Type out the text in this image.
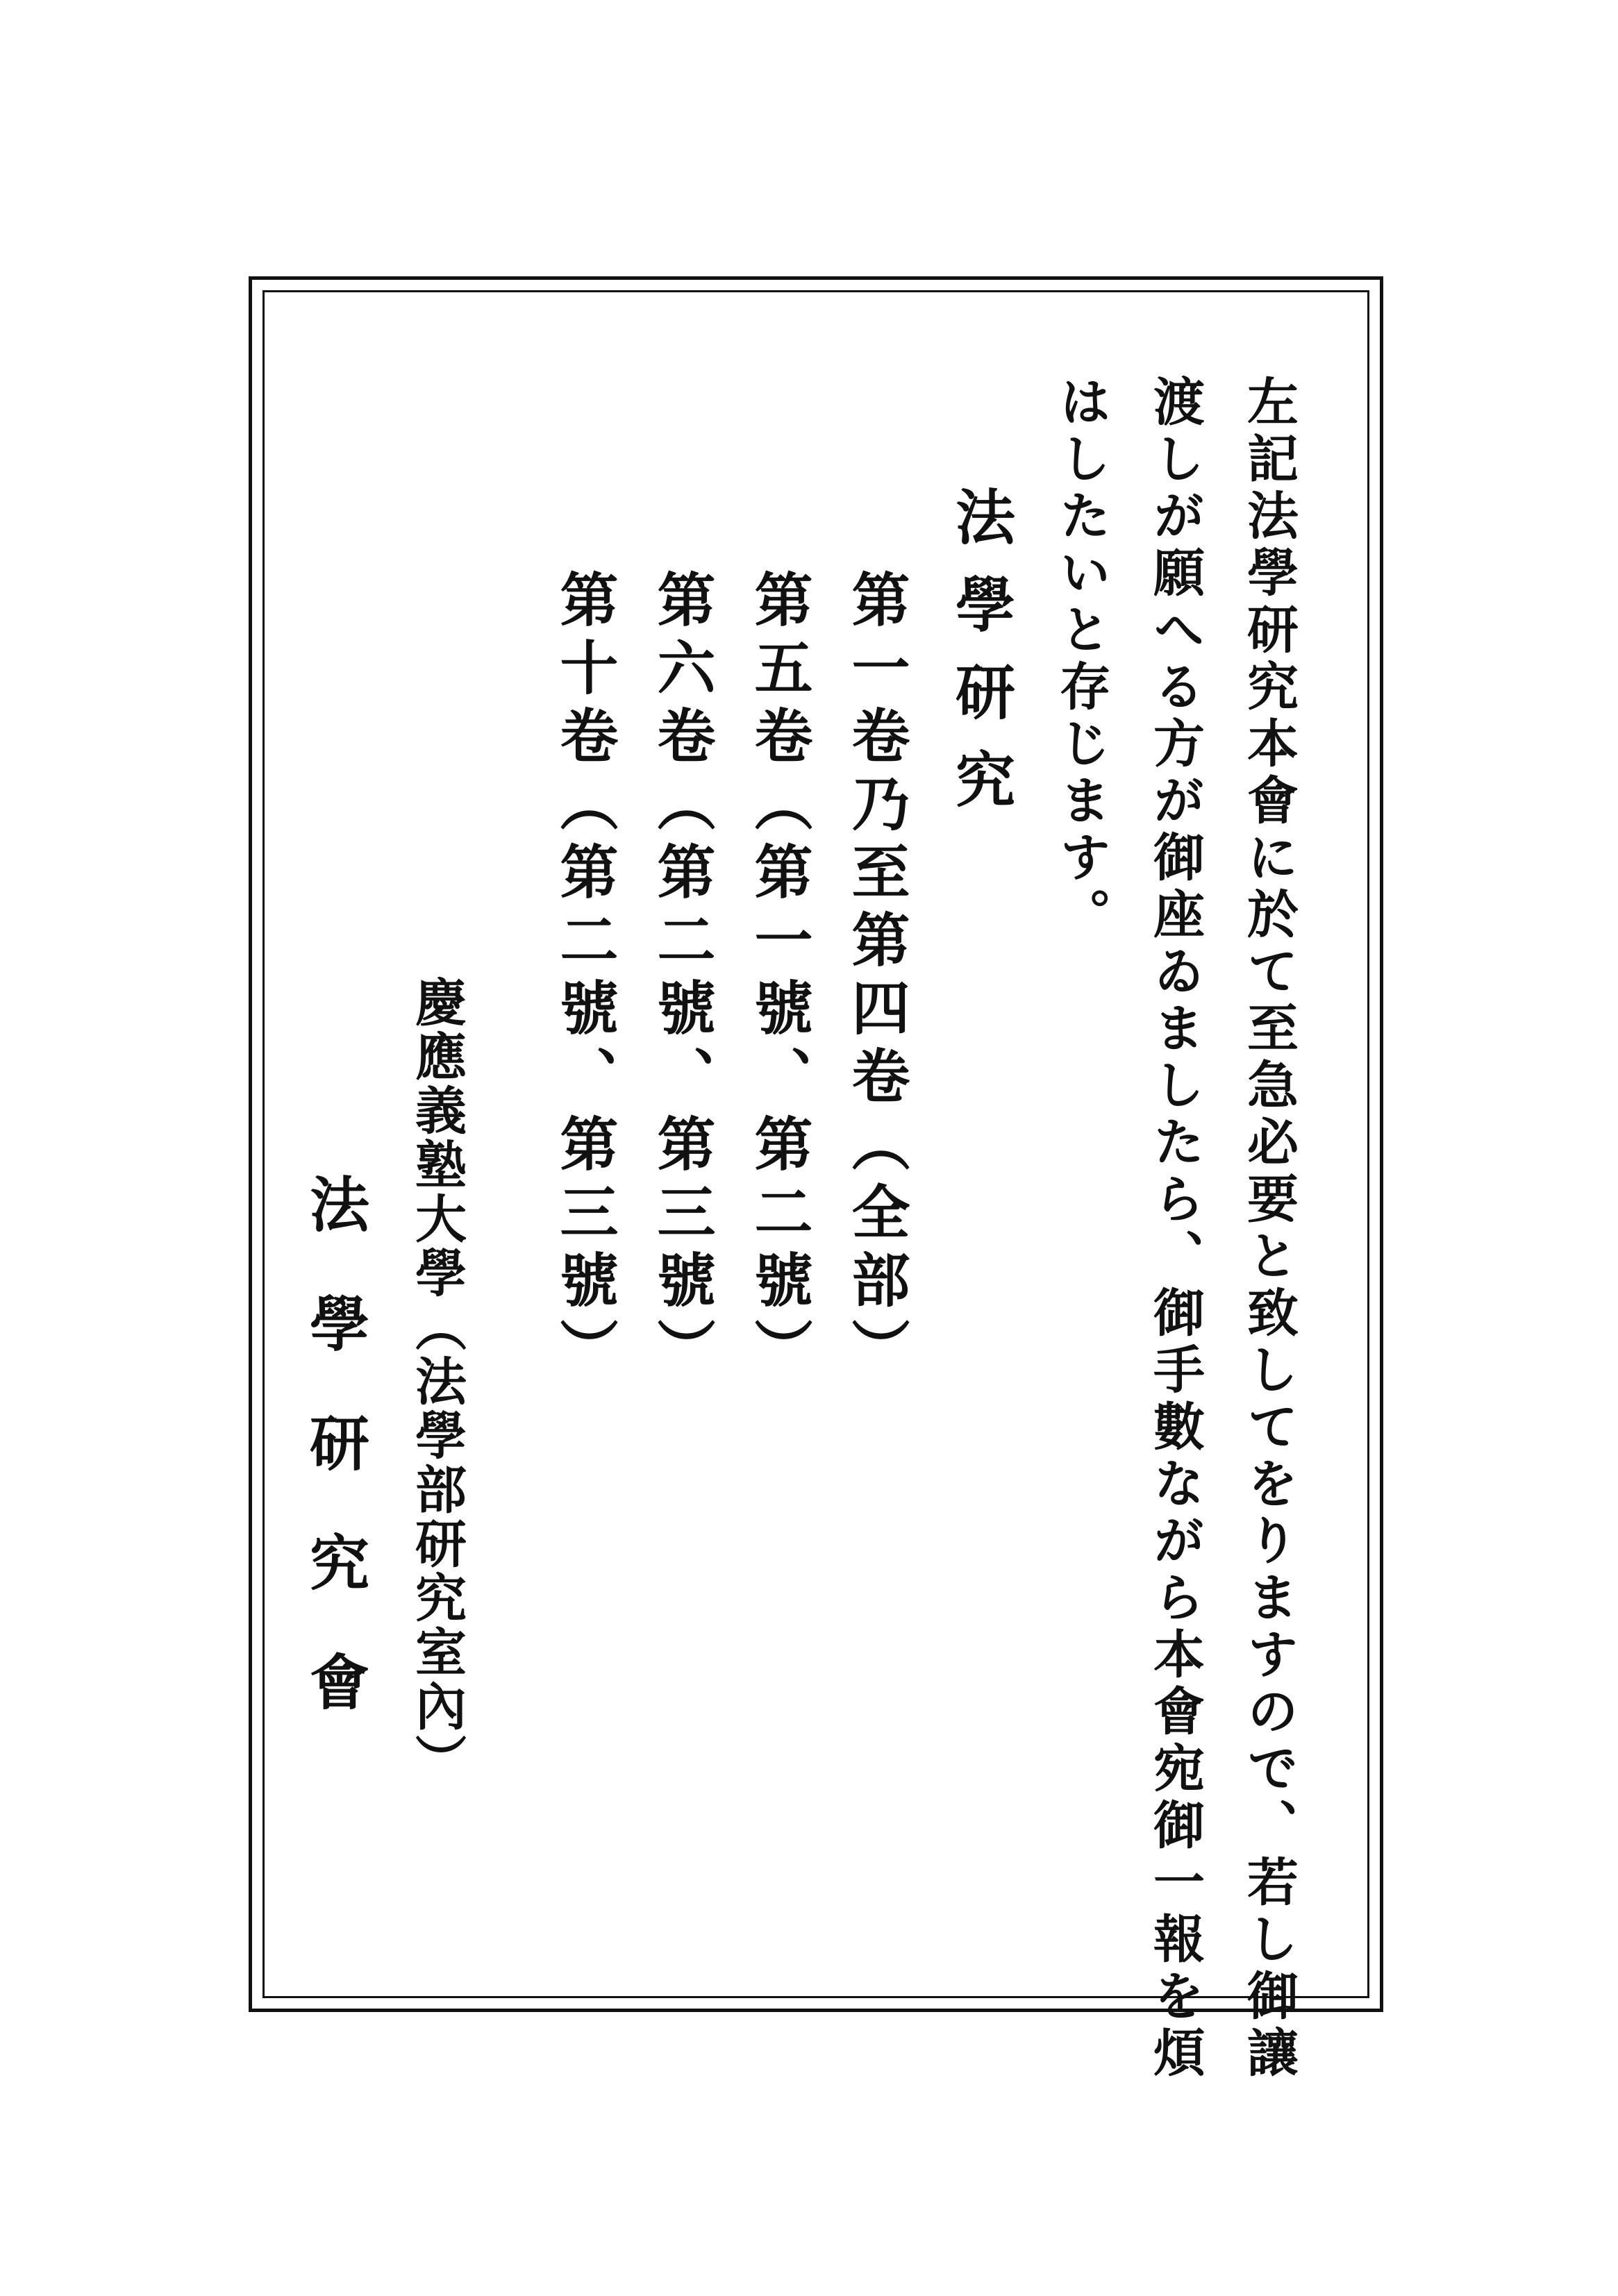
左記法學研究本會に於て至急必要と致してをりますので、若し御讓
渡しが願へる方が御座ゐましたら、御手數ながら本會宛御一報を煩
はしたいと存じます。
法學研究
第一卷乃至第四卷（全部）
第五卷（第一號、第二號）
第六卷（第二號、第三號）
第十卷（第二號、第三號）
慶應義塾大學（法學部研究室內）
法學研究會
